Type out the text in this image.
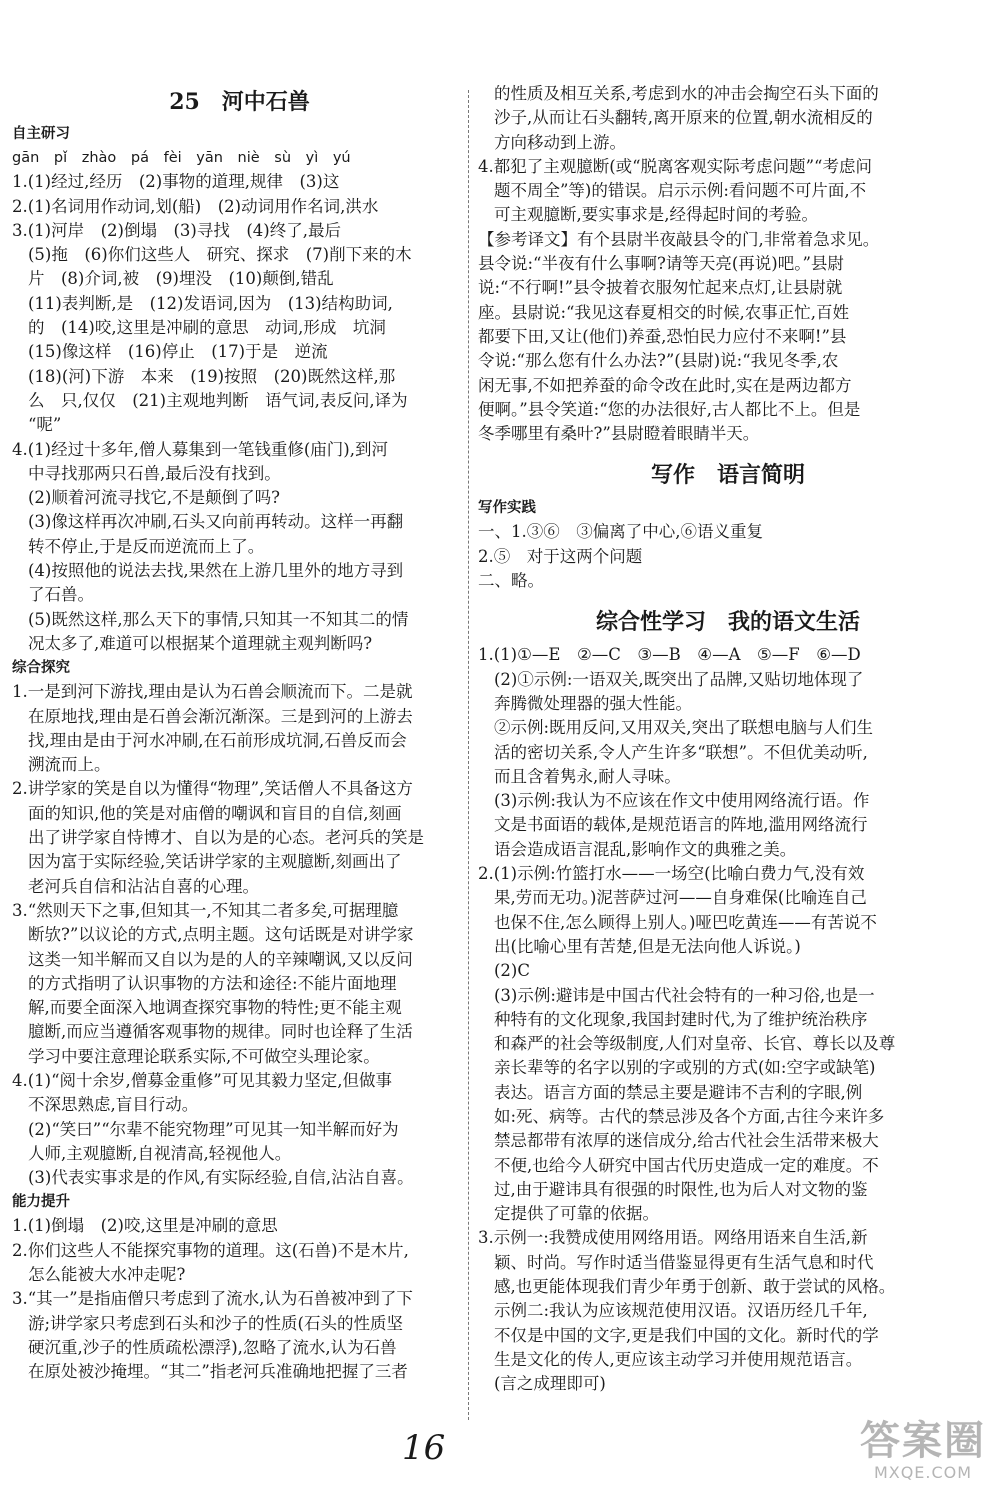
25　河中石兽
自主研习
gān pǐ zhào pá fèi yān niè sù yì yú
1.(1)经过,经历　(2)事物的道理,规律　(3)这
2.(1)名词用作动词,划(船)　(2)动词用作名词,洪水
3.(1)河岸　(2)倒塌　(3)寻找　(4)终了,最后
(5)拖　(6)你们这些人　研究、探求　(7)削下来的木
片　(8)介词,被　(9)埋没　(10)颠倒,错乱
(11)表判断,是　(12)发语词,因为　(13)结构助词,
的　(14)咬,这里是冲刷的意思　动词,形成　坑洞
(15)像这样　(16)停止　(17)于是　逆流
(18)(河)下游　本来　(19)按照　(20)既然这样,那
么　只,仅仅　(21)主观地判断　语气词,表反问,译为
“呢”
4.(1)经过十多年,僧人募集到一笔钱重修(庙门),到河
中寻找那两只石兽,最后没有找到。
(2)顺着河流寻找它,不是颠倒了吗?
(3)像这样再次冲刷,石头又向前再转动。这样一再翻
转不停止,于是反而逆流而上了。
(4)按照他的说法去找,果然在上游几里外的地方寻到
了石兽。
(5)既然这样,那么天下的事情,只知其一不知其二的情
况太多了,难道可以根据某个道理就主观判断吗?
综合探究
1.一是到河下游找,理由是认为石兽会顺流而下。二是就
在原地找,理由是石兽会渐沉渐深。三是到河的上游去
找,理由是由于河水冲刷,在石前形成坑洞,石兽反而会
溯流而上。
2.讲学家的笑是自以为懂得“物理”,笑话僧人不具备这方
面的知识,他的笑是对庙僧的嘲讽和盲目的自信,刻画
出了讲学家自恃博才、自以为是的心态。老河兵的笑是
因为富于实际经验,笑话讲学家的主观臆断,刻画出了
老河兵自信和沾沾自喜的心理。
3.“然则天下之事,但知其一,不知其二者多矣,可据理臆
断欤?”以议论的方式,点明主题。这句话既是对讲学家
这类一知半解而又自以为是的人的辛辣嘲讽,又以反问
的方式指明了认识事物的方法和途径:不能片面地理
解,而要全面深入地调查探究事物的特性;更不能主观
臆断,而应当遵循客观事物的规律。同时也诠释了生活
学习中要注意理论联系实际,不可做空头理论家。
4.(1)“阅十余岁,僧募金重修”可见其毅力坚定,但做事
不深思熟虑,盲目行动。
(2)“笑曰”“尔辈不能究物理”可见其一知半解而好为
人师,主观臆断,自视清高,轻视他人。
(3)代表实事求是的作风,有实际经验,自信,沾沾自喜。
能力提升
1.(1)倒塌　(2)咬,这里是冲刷的意思
2.你们这些人不能探究事物的道理。这(石兽)不是木片,
怎么能被大水冲走呢?
3.“其一”是指庙僧只考虑到了流水,认为石兽被冲到了下
游;讲学家只考虑到石头和沙子的性质(石头的性质坚
硬沉重,沙子的性质疏松漂浮),忽略了流水,认为石兽
在原处被沙掩埋。“其二”指老河兵准确地把握了三者
的性质及相互关系,考虑到水的冲击会掏空石头下面的
沙子,从而让石头翻转,离开原来的位置,朝水流相反的
方向移动到上游。
4.都犯了主观臆断(或“脱离客观实际考虑问题”“考虑问
题不周全”等)的错误。启示示例:看问题不可片面,不
可主观臆断,要实事求是,经得起时间的考验。
【参考译文】有个县尉半夜敲县令的门,非常着急求见。
县令说:“半夜有什么事啊?请等天亮(再说)吧。”县尉
说:“不行啊!”县令披着衣服匆忙起来点灯,让县尉就
座。县尉说:“我见这春夏相交的时候,农事正忙,百姓
都要下田,又让(他们)养蚕,恐怕民力应付不来啊!”县
令说:“那么您有什么办法?”(县尉)说:“我见冬季,农
闲无事,不如把养蚕的命令改在此时,实在是两边都方
便啊。”县令笑道:“您的办法很好,古人都比不上。但是
冬季哪里有桑叶?”县尉瞪着眼睛半天。
写作　语言简明
写作实践
一、1.③⑥　③偏离了中心,⑥语义重复
2.⑤　对于这两个问题
二、略。
综合性学习　我的语文生活
1.(1)①—E　②—C　③—B　④—A　⑤—F　⑥—D
(2)①示例:一语双关,既突出了品牌,又贴切地体现了
奔腾微处理器的强大性能。
②示例:既用反问,又用双关,突出了联想电脑与人们生
活的密切关系,令人产生许多“联想”。不但优美动听,
而且含着隽永,耐人寻味。
(3)示例:我认为不应该在作文中使用网络流行语。作
文是书面语的载体,是规范语言的阵地,滥用网络流行
语会造成语言混乱,影响作文的典雅之美。
2.(1)示例:竹篮打水——一场空(比喻白费力气,没有效
果,劳而无功。)泥菩萨过河——自身难保(比喻连自己
也保不住,怎么顾得上别人。)哑巴吃黄连——有苦说不
出(比喻心里有苦楚,但是无法向他人诉说。)
(2)C
(3)示例:避讳是中国古代社会特有的一种习俗,也是一
种特有的文化现象,我国封建时代,为了维护统治秩序
和森严的社会等级制度,人们对皇帝、长官、尊长以及尊
亲长辈等的名字以别的字或别的方式(如:空字或缺笔)
表达。语言方面的禁忌主要是避讳不吉利的字眼,例
如:死、病等。古代的禁忌涉及各个方面,古往今来许多
禁忌都带有浓厚的迷信成分,给古代社会生活带来极大
不便,也给今人研究中国古代历史造成一定的难度。不
过,由于避讳具有很强的时限性,也为后人对文物的鉴
定提供了可靠的依据。
3.示例一:我赞成使用网络用语。网络用语来自生活,新
颖、时尚。写作时适当借鉴显得更有生活气息和时代
感,也更能体现我们青少年勇于创新、敢于尝试的风格。
示例二:我认为应该规范使用汉语。汉语历经几千年,
不仅是中国的文字,更是我们中国的文化。新时代的学
生是文化的传人,更应该主动学习并使用规范语言。
(言之成理即可)
16	答案圈
MXQE.COM
